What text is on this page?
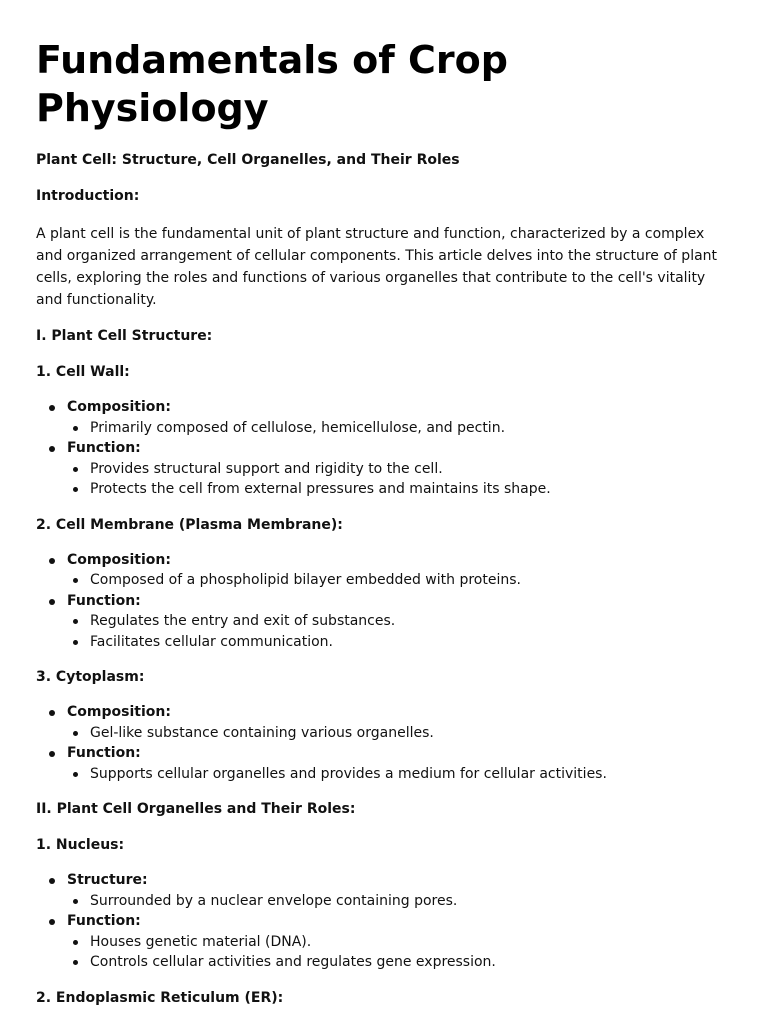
Fundamentals of Crop Physiology

Plant Cell: Structure, Cell Organelles, and Their Roles

Introduction:

A plant cell is the fundamental unit of plant structure and function, characterized by a complex and organized arrangement of cellular components. This article delves into the structure of plant cells, exploring the roles and functions of various organelles that contribute to the cell's vitality and functionality.

I. Plant Cell Structure:

1. Cell Wall:

Composition:
Primarily composed of cellulose, hemicellulose, and pectin.
Function:
Provides structural support and rigidity to the cell.
Protects the cell from external pressures and maintains its shape.

2. Cell Membrane (Plasma Membrane):

Composition:
Composed of a phospholipid bilayer embedded with proteins.
Function:
Regulates the entry and exit of substances.
Facilitates cellular communication.

3. Cytoplasm:

Composition:
Gel-like substance containing various organelles.
Function:
Supports cellular organelles and provides a medium for cellular activities.

II. Plant Cell Organelles and Their Roles:

1. Nucleus:

Structure:
Surrounded by a nuclear envelope containing pores.
Function:
Houses genetic material (DNA).
Controls cellular activities and regulates gene expression.

2. Endoplasmic Reticulum (ER):
